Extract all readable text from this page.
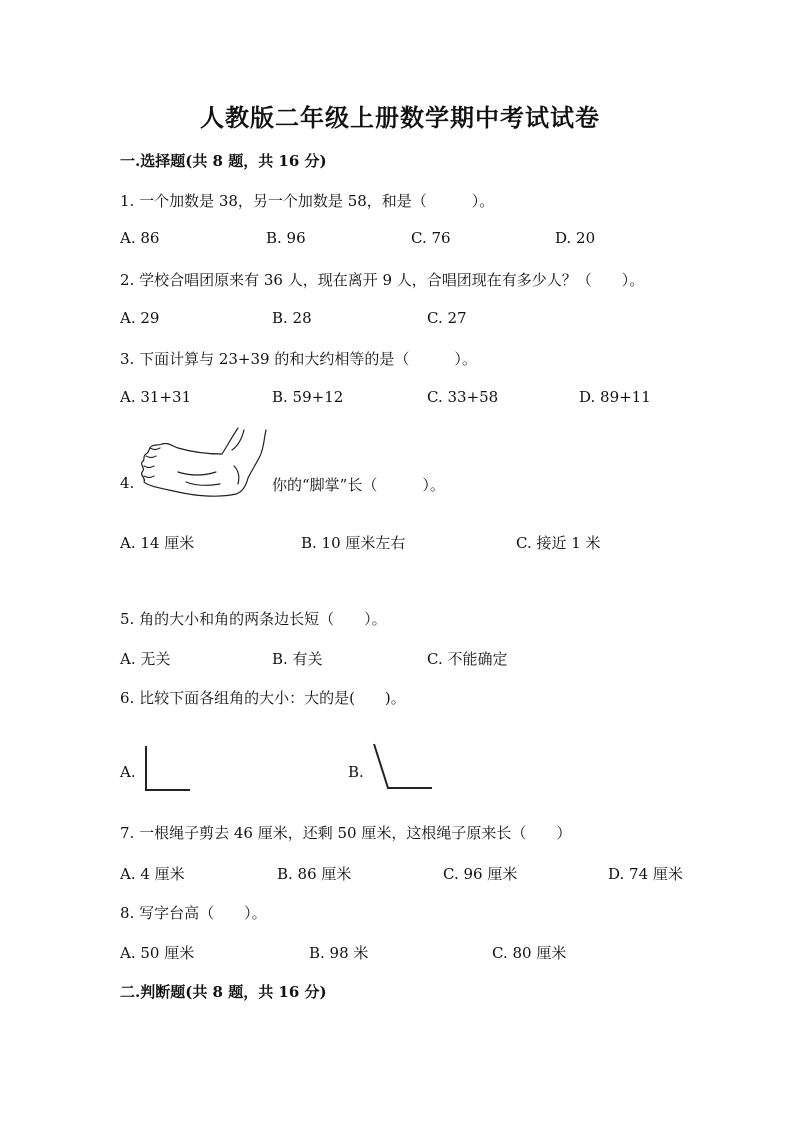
人教版二年级上册数学期中考试试卷
一.选择题(共 8 题，共 16 分)
1. 一个加数是 38，另一个加数是 58，和是（　　　）。
A. 86	B. 96	C. 76	D. 20
2. 学校合唱团原来有 36 人，现在离开 9 人，合唱团现在有多少人？（　　）。
A. 29	B. 28	C. 27
3. 下面计算与 23+39 的和大约相等的是（　　　）。
A. 31+31	B. 59+12	C. 33+58	D. 89+11
4.	你的“脚掌”长（　　　）。
A. 14 厘米	B. 10 厘米左右	C. 接近 1 米
5. 角的大小和角的两条边长短（　　）。
A. 无关	B. 有关	C. 不能确定
6. 比较下面各组角的大小：大的是(　　)。
A.	B.
7. 一根绳子剪去 46 厘米，还剩 50 厘米，这根绳子原来长（　　）
A. 4 厘米	B. 86 厘米	C. 96 厘米	D. 74 厘米
8. 写字台高（　　）。
A. 50 厘米	B. 98 米	C. 80 厘米
二.判断题(共 8 题，共 16 分)
